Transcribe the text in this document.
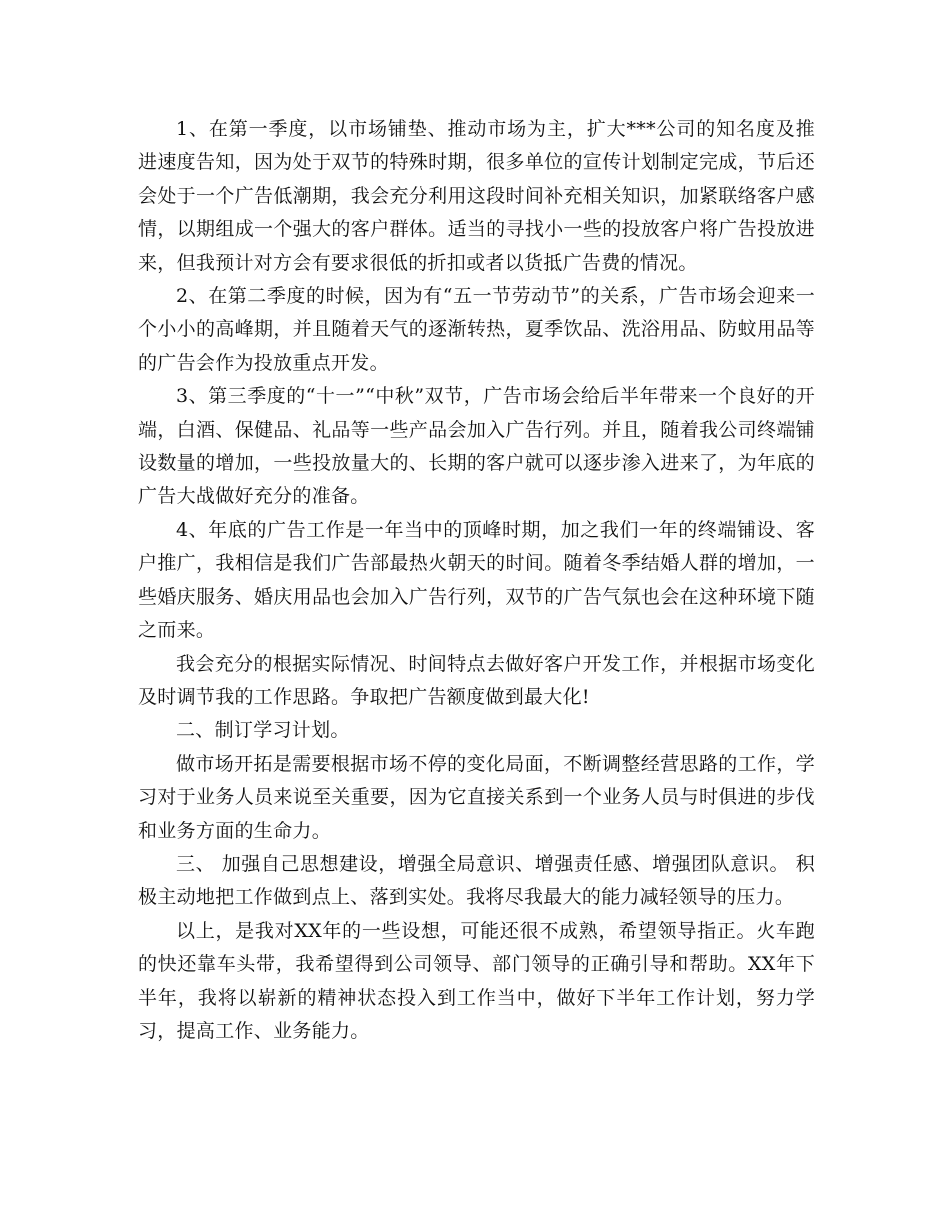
1、在第一季度，以市场铺垫、推动市场为主，扩大***公司的知名度及推进速度告知，因为处于双节的特殊时期，很多单位的宣传计划制定完成，节后还会处于一个广告低潮期，我会充分利用这段时间补充相关知识，加紧联络客户感情，以期组成一个强大的客户群体。适当的寻找小一些的投放客户将广告投放进来，但我预计对方会有要求很低的折扣或者以货抵广告费的情况。

2、在第二季度的时候，因为有“五一节劳动节”的关系，广告市场会迎来一个小小的高峰期，并且随着天气的逐渐转热，夏季饮品、洗浴用品、防蚊用品等的广告会作为投放重点开发。

3、第三季度的“十一”“中秋”双节，广告市场会给后半年带来一个良好的开端，白酒、保健品、礼品等一些产品会加入广告行列。并且，随着我公司终端铺设数量的增加，一些投放量大的、长期的客户就可以逐步渗入进来了，为年底的广告大战做好充分的准备。

4、年底的广告工作是一年当中的顶峰时期，加之我们一年的终端铺设、客户推广，我相信是我们广告部最热火朝天的时间。随着冬季结婚人群的增加，一些婚庆服务、婚庆用品也会加入广告行列，双节的广告气氛也会在这种环境下随之而来。

我会充分的根据实际情况、时间特点去做好客户开发工作，并根据市场变化及时调节我的工作思路。争取把广告额度做到最大化!

二、制订学习计划。

做市场开拓是需要根据市场不停的变化局面，不断调整经营思路的工作，学习对于业务人员来说至关重要，因为它直接关系到一个业务人员与时俱进的步伐和业务方面的生命力。

三、 加强自己思想建设，增强全局意识、增强责任感、增强团队意识。 积极主动地把工作做到点上、落到实处。我将尽我最大的能力减轻领导的压力。

以上，是我对XX年的一些设想，可能还很不成熟，希望领导指正。火车跑的快还靠车头带，我希望得到公司领导、部门领导的正确引导和帮助。XX年下半年，我将以崭新的精神状态投入到工作当中，做好下半年工作计划，努力学习，提高工作、业务能力。
